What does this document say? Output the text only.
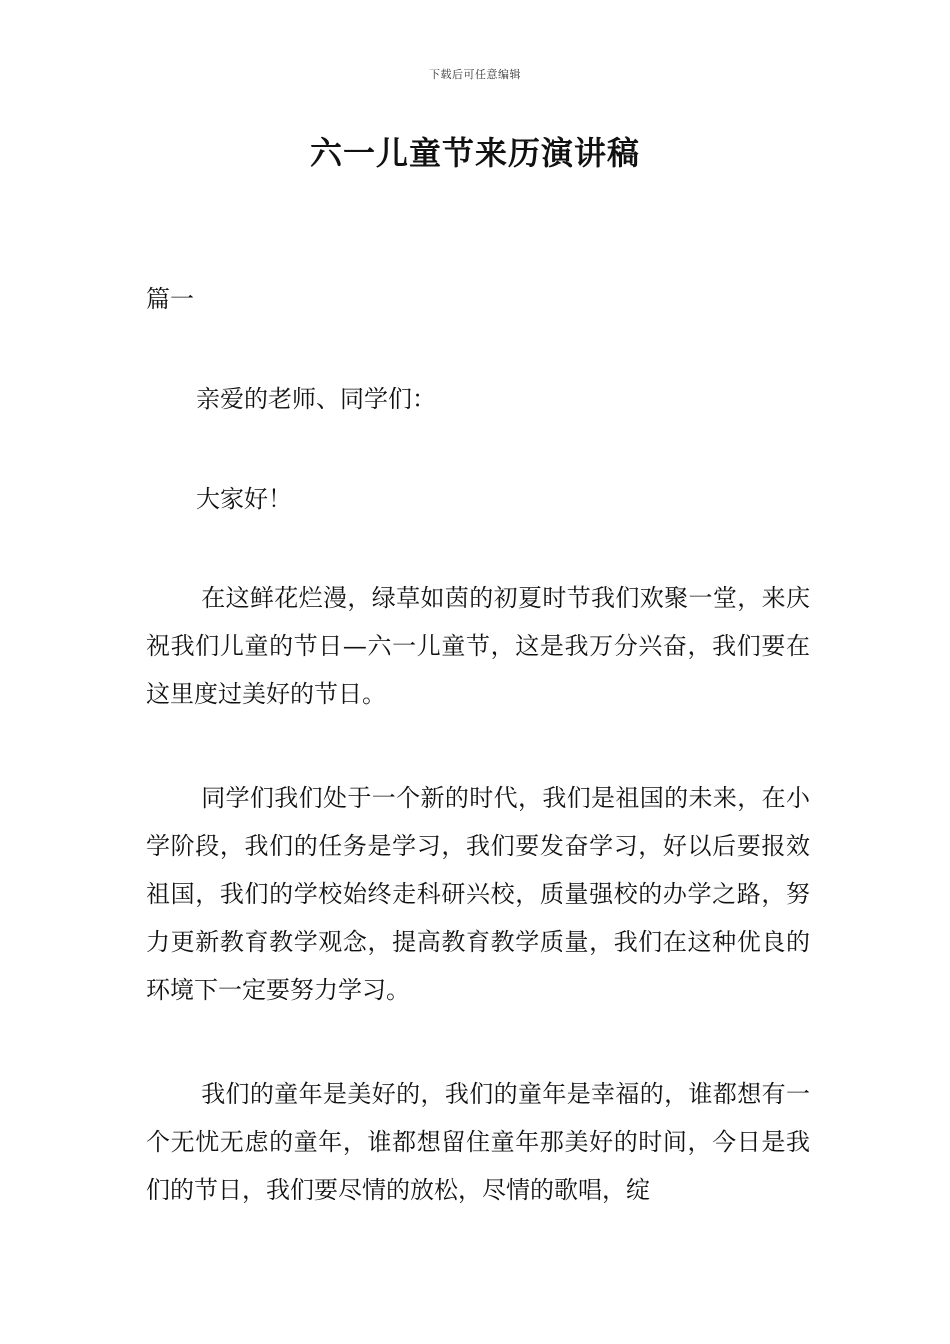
下载后可任意编辑
六一儿童节来历演讲稿
篇一
亲爱的老师、同学们：
大家好！

在这鲜花烂漫，绿草如茵的初夏时节我们欢聚一堂，来庆祝我们儿童的节日—六一儿童节，这是我万分兴奋，我们要在这里度过美好的节日。

同学们我们处于一个新的时代，我们是祖国的未来，在小学阶段，我们的任务是学习，我们要发奋学习，好以后要报效祖国，我们的学校始终走科研兴校，质量强校的办学之路，努力更新教育教学观念，提高教育教学质量，我们在这种优良的环境下一定要努力学习。

我们的童年是美好的，我们的童年是幸福的，谁都想有一个无忧无虑的童年，谁都想留住童年那美好的时间，今日是我们的节日，我们要尽情的放松，尽情的歌唱，绽
